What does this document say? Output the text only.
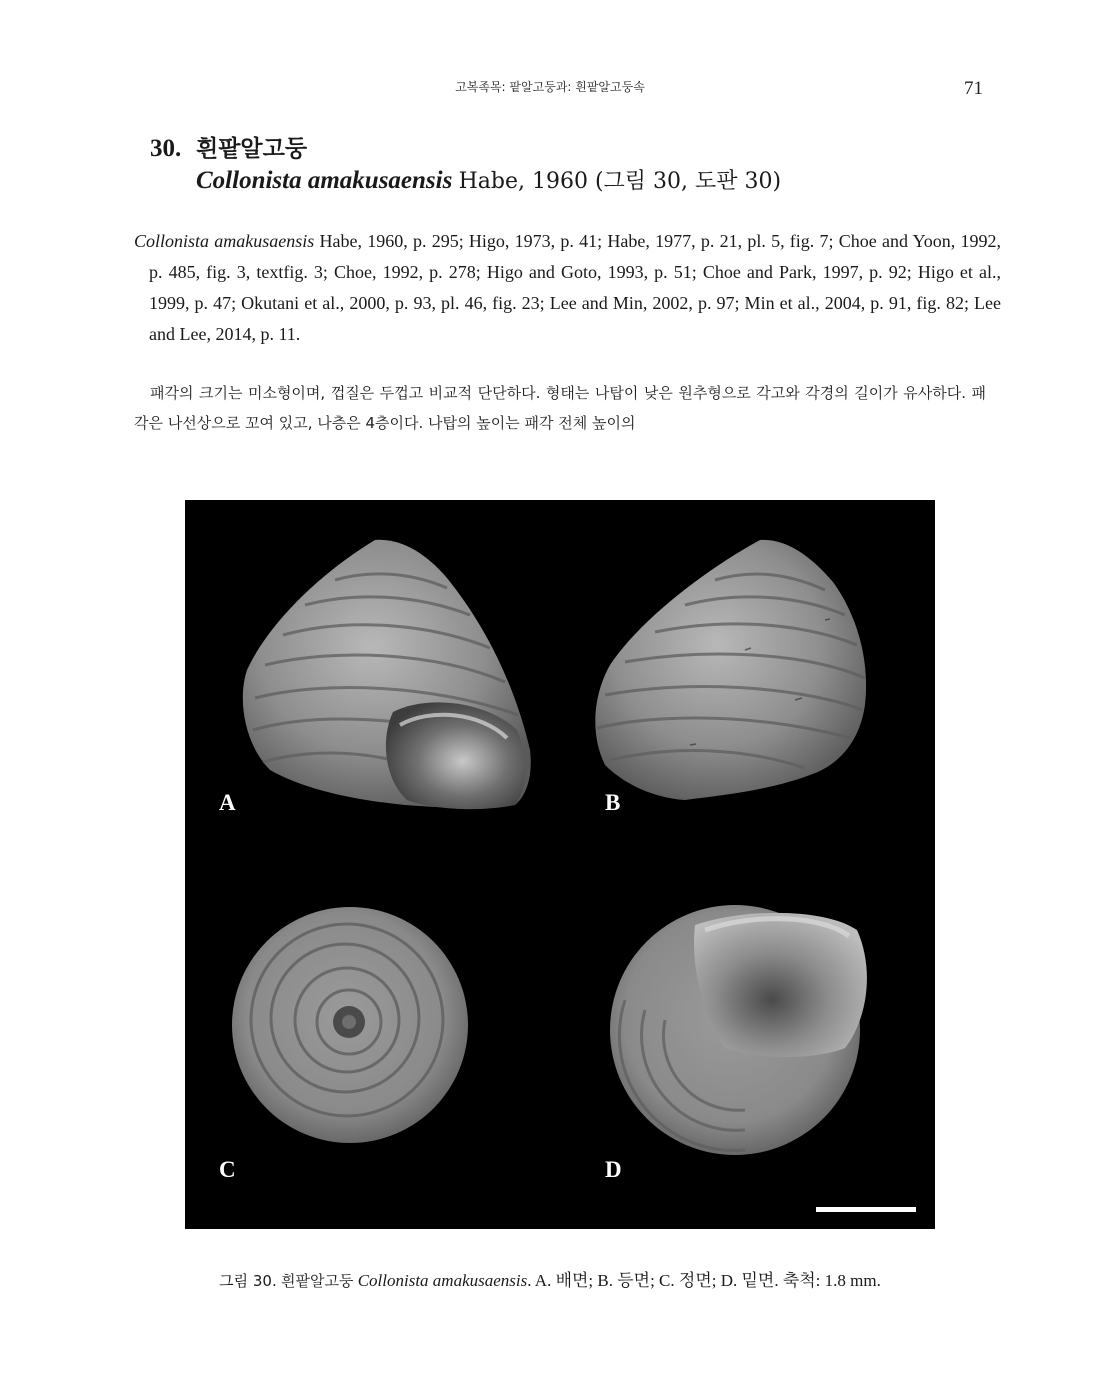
고복족목: 팥알고둥과: 흰팥알고둥속	71
30. 흰팥알고둥
Collonista amakusaensis Habe, 1960 (그림 30, 도판 30)
Collonista amakusaensis Habe, 1960, p. 295; Higo, 1973, p. 41; Habe, 1977, p. 21, pl. 5, fig. 7; Choe and Yoon, 1992, p. 485, fig. 3, textfig. 3; Choe, 1992, p. 278; Higo and Goto, 1993, p. 51; Choe and Park, 1997, p. 92; Higo et al., 1999, p. 47; Okutani et al., 2000, p. 93, pl. 46, fig. 23; Lee and Min, 2002, p. 97; Min et al., 2004, p. 91, fig. 82; Lee and Lee, 2014, p. 11.
패각의 크기는 미소형이며, 껍질은 두껍고 비교적 단단하다. 형태는 나탑이 낮은 원추형으로 각고와 각경의 길이가 유사하다. 패각은 나선상으로 꼬여 있고, 나층은 4층이다. 나탑의 높이는 패각 전체 높이의
A	B
C	D
그림 30. 흰팥알고둥 Collonista amakusaensis. A. 배면; B. 등면; C. 정면; D. 밑면. 축척: 1.8 mm.
